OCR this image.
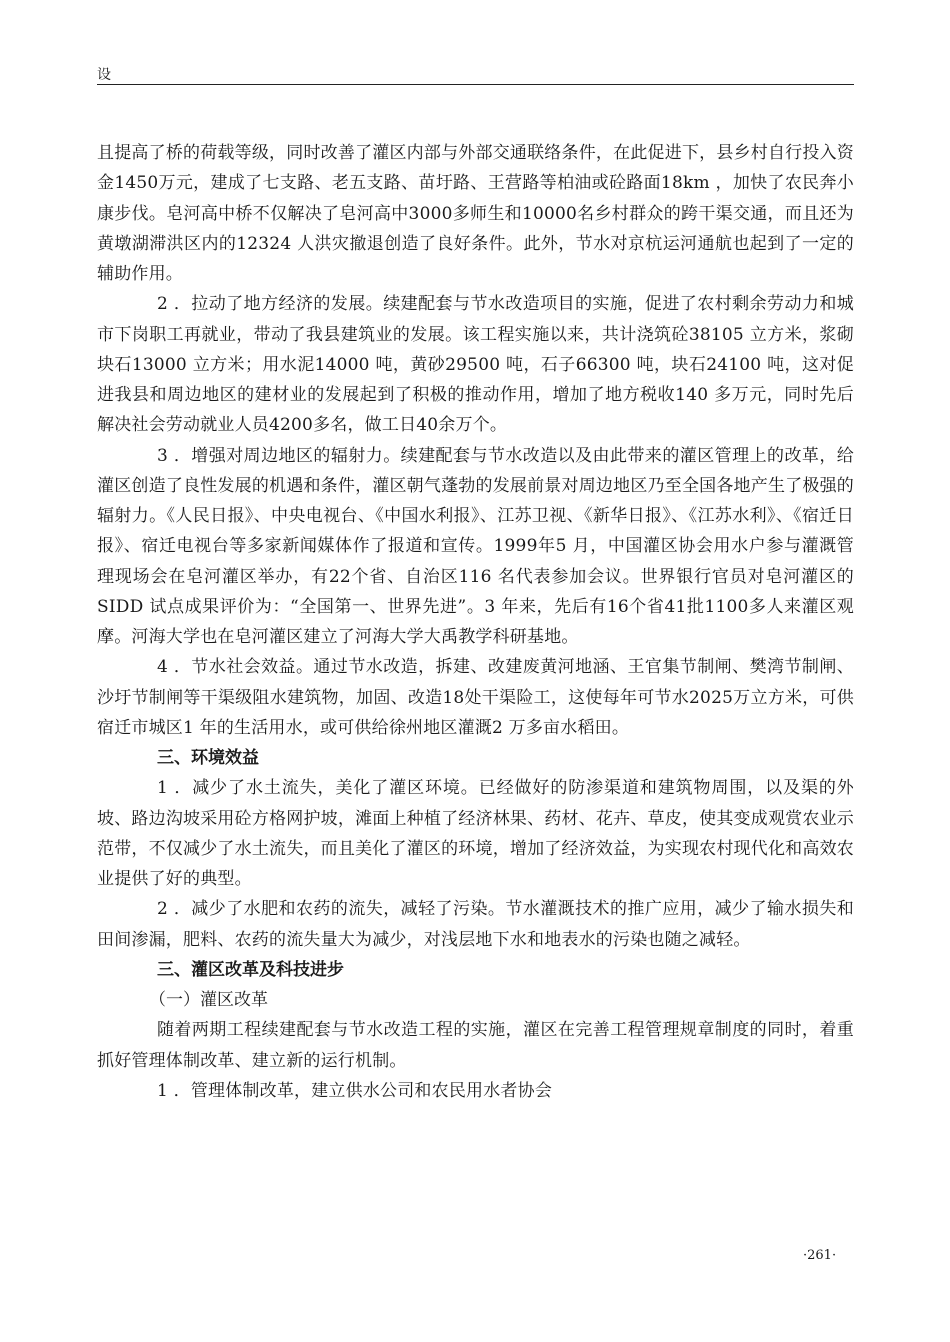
设

且提高了桥的荷载等级，同时改善了灌区内部与外部交通联络条件，在此促进下，县乡村自行投入资金1450万元，建成了七支路、老五支路、苗圩路、王营路等柏油或砼路面18km ，加快了农民奔小康步伐。皂河高中桥不仅解决了皂河高中3000多师生和10000名乡村群众的跨干渠交通，而且还为黄墩湖滞洪区内的12324 人洪灾撤退创造了良好条件。此外，节水对京杭运河通航也起到了一定的辅助作用。

2 ．拉动了地方经济的发展。续建配套与节水改造项目的实施，促进了农村剩余劳动力和城市下岗职工再就业，带动了我县建筑业的发展。该工程实施以来，共计浇筑砼38105 立方米，浆砌块石13000 立方米；用水泥14000 吨，黄砂29500 吨，石子66300 吨，块石24100 吨，这对促进我县和周边地区的建材业的发展起到了积极的推动作用，增加了地方税收140 多万元，同时先后解决社会劳动就业人员4200多名，做工日40余万个。

3 ．增强对周边地区的辐射力。续建配套与节水改造以及由此带来的灌区管理上的改革，给灌区创造了良性发展的机遇和条件，灌区朝气蓬勃的发展前景对周边地区乃至全国各地产生了极强的辐射力。《人民日报》、中央电视台、《中国水利报》、江苏卫视、《新华日报》、《江苏水利》、《宿迁日报》、宿迁电视台等多家新闻媒体作了报道和宣传。1999年5 月，中国灌区协会用水户参与灌溉管理现场会在皂河灌区举办，有22个省、自治区116 名代表参加会议。世界银行官员对皂河灌区的SIDD 试点成果评价为：“全国第一、世界先进”。3 年来，先后有16个省41批1100多人来灌区观摩。河海大学也在皂河灌区建立了河海大学大禹教学科研基地。

4 ．节水社会效益。通过节水改造，拆建、改建废黄河地涵、王官集节制闸、樊湾节制闸、沙圩节制闸等干渠级阻水建筑物，加固、改造18处干渠险工，这使每年可节水2025万立方米，可供宿迁市城区1 年的生活用水，或可供给徐州地区灌溉2 万多亩水稻田。

三、环境效益

1 ．减少了水土流失，美化了灌区环境。已经做好的防渗渠道和建筑物周围，以及渠的外坡、路边沟坡采用砼方格网护坡，滩面上种植了经济林果、药材、花卉、草皮，使其变成观赏农业示范带，不仅减少了水土流失，而且美化了灌区的环境，增加了经济效益，为实现农村现代化和高效农业提供了好的典型。

2 ．减少了水肥和农药的流失，减轻了污染。节水灌溉技术的推广应用，减少了输水损失和田间渗漏，肥料、农药的流失量大为减少，对浅层地下水和地表水的污染也随之减轻。

三、灌区改革及科技进步

（一）灌区改革

随着两期工程续建配套与节水改造工程的实施，灌区在完善工程管理规章制度的同时，着重抓好管理体制改革、建立新的运行机制。

1 ．管理体制改革，建立供水公司和农民用水者协会

·261·
